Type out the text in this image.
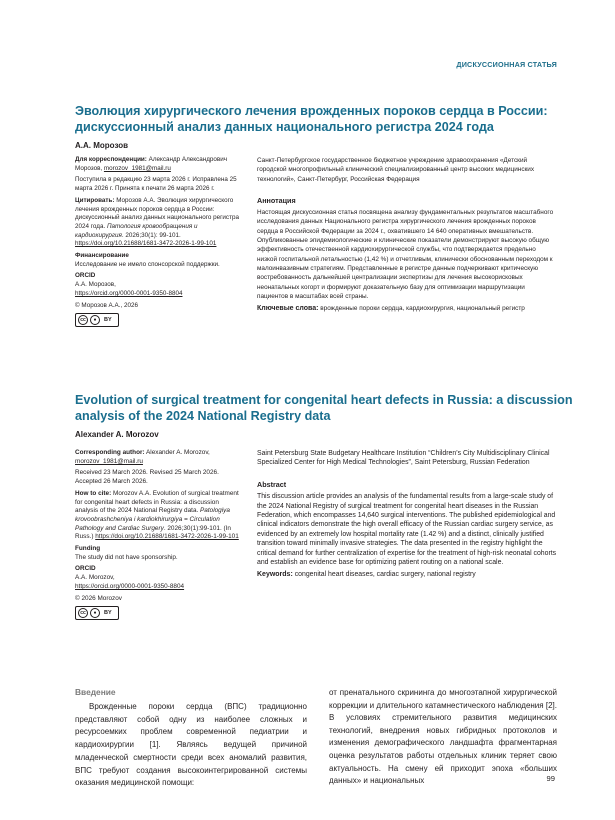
ДИСКУССИОННАЯ СТАТЬЯ
Эволюция хирургического лечения врожденных пороков сердца в России: дискуссионный анализ данных национального регистра 2024 года
А.А. Морозов

Для корреспонденции: Александр Александрович Морозов, morozov_1981@mail.ru

Поступила в редакцию 23 марта 2026 г. Исправлена 25 марта 2026 г. Принята к печати 26 марта 2026 г.

Цитировать: Морозов А.А. Эволюция хирургического лечения врожденных пороков сердца в России: дискуссионный анализ данных национального регистра 2024 года. Патология кровообращения и кардиохирургия. 2026;30(1): 99-101. https://doi.org/10.21688/1681-3472-2026-1-99-101

Финансирование
Исследование не имело спонсорской поддержки.

ORCID
А.А. Морозов,
https://orcid.org/0000-0001-9350-8804

© Морозов А.А., 2026

cc	●	BY

Санкт-Петербургское государственное бюджетное учреждение здравоохранения «Детский городской многопрофильный клинический специализированный центр высоких медицинских технологий», Санкт-Петербург, Российская Федерация

Аннотация

Настоящая дискуссионная статья посвящена анализу фундаментальных результатов масштабного исследования данных Национального регистра хирургического лечения врожденных пороков сердца в Российской Федерации за 2024 г., охватившего 14 640 оперативных вмешательств. Опубликованные эпидемиологические и клинические показатели демонстрируют высокую общую эффективность отечественной кардиохирургической службы, что подтверждается предельно низкой госпитальной летальностью (1,42 %) и отчетливым, клинически обоснованным переходом к малоинвазивным стратегиям. Представленные в регистре данные подчеркивают критическую востребованность дальнейшей централизации экспертизы для лечения высокорисковых неонатальных когорт и формируют доказательную базу для оптимизации маршрутизации пациентов в масштабах всей страны.

Ключевые слова: врожденные пороки сердца, кардиохирургия, национальный регистр

Evolution of surgical treatment for congenital heart defects in Russia: a discussion analysis of the 2024 National Registry data
Alexander A. Morozov

Corresponding author: Alexander A. Morozov, morozov_1981@mail.ru

Received 23 March 2026. Revised 25 March 2026. Accepted 26 March 2026.

How to cite: Morozov A.A. Evolution of surgical treatment for congenital heart defects in Russia: a discussion analysis of the 2024 National Registry data. Patologiya krovoobrashcheniya i kardiokhirurgiya = Circulation Pathology and Cardiac Surgery. 2026;30(1):99-101. (In Russ.) https://doi.org/10.21688/1681-3472-2026-1-99-101

Funding
The study did not have sponsorship.

ORCID
A.A. Morozov,
https://orcid.org/0000-0001-9350-8804

© 2026 Morozov

cc	●	BY

Saint Petersburg State Budgetary Healthcare Institution “Children’s City Multidisciplinary Clinical Specialized Center for High Medical Technologies”, Saint Petersburg, Russian Federation

Abstract

This discussion article provides an analysis of the fundamental results from a large-scale study of the 2024 National Registry of surgical treatment for congenital heart diseases in the Russian Federation, which encompasses 14,640 surgical interventions. The published epidemiological and clinical indicators demonstrate the high overall efficacy of the Russian cardiac surgery service, as evidenced by an extremely low hospital mortality rate (1.42 %) and a distinct, clinically justified transition toward minimally invasive strategies. The data presented in the registry highlight the critical demand for further centralization of expertise for the treatment of high-risk neonatal cohorts and establish an evidence base for optimizing patient routing on a national scale.

Keywords: congenital heart diseases, cardiac surgery, national registry

Введение
Врожденные пороки сердца (ВПС) традиционно представляют собой одну из наиболее сложных и ресурсоемких проблем современной педиатрии и кардиохирургии [1]. Являясь ведущей причиной младенческой смертности среди всех аномалий развития, ВПС требуют создания высокоинтегрированной системы оказания медицинской помощи:
от пренатального скрининга до многоэтапной хирургической коррекции и длительного катамнестического наблюдения [2]. В условиях стремительного развития медицинских технологий, внедрения новых гибридных протоколов и изменения демографического ландшафта фрагментарная оценка результатов работы отдельных клиник теряет свою актуальность. На смену ей приходит эпоха «больших данных» и национальных	99
